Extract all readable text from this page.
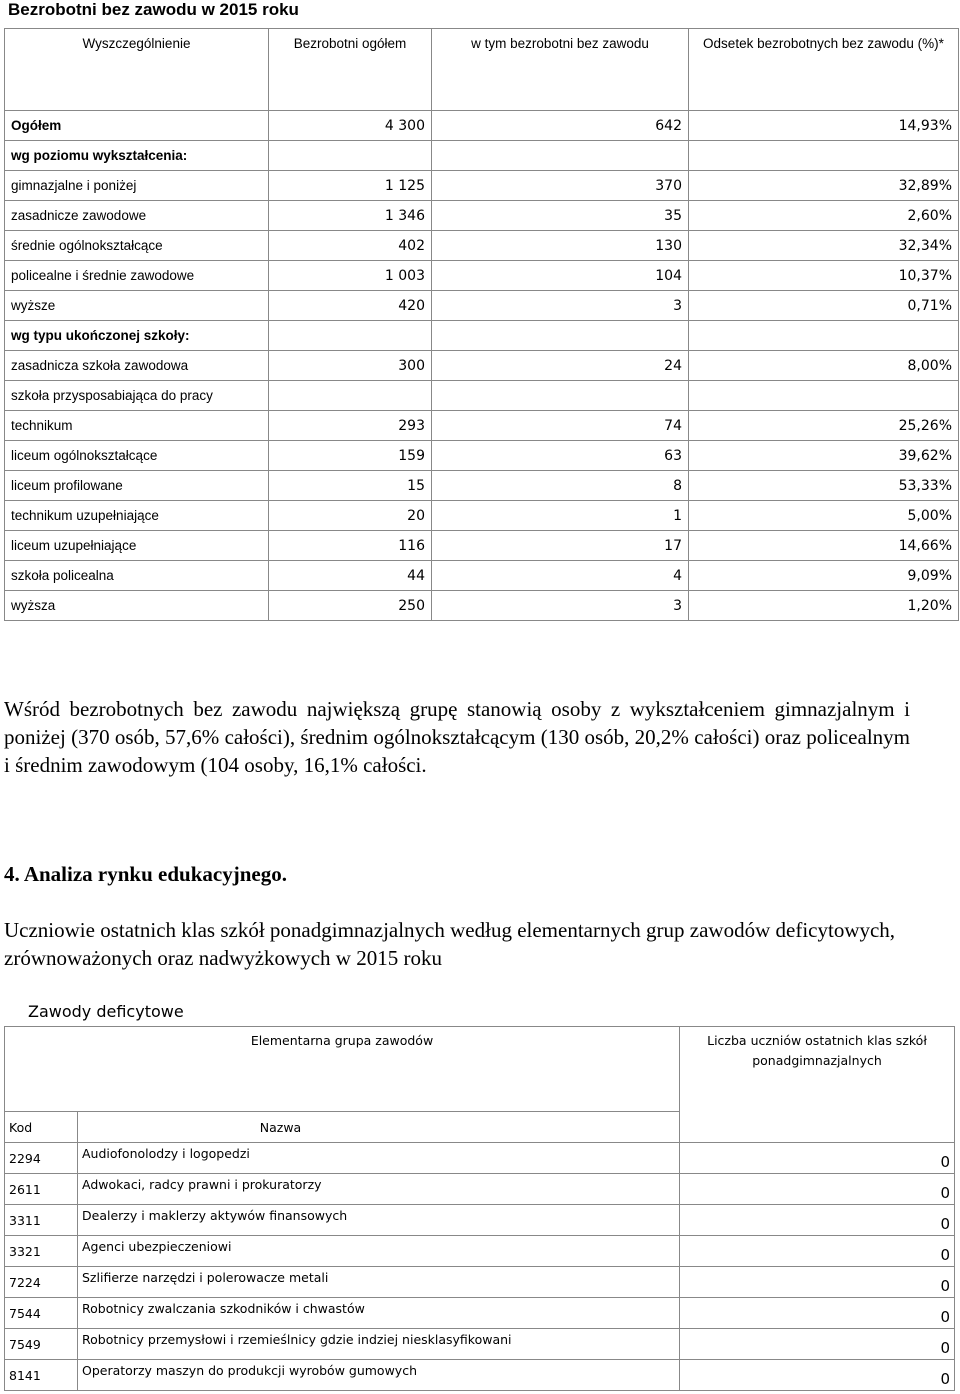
Bezrobotni bez zawodu w 2015 roku
Wyszczególnienie	Bezrobotni ogółem	w tym bezrobotni bez zawodu	Odsetek bezrobotnych bez zawodu (%)*
Ogółem	4 300	642	14,93%
wg poziomu wykształcenia:			
gimnazjalne i poniżej	1 125	370	32,89%
zasadnicze zawodowe	1 346	35	2,60%
średnie ogólnokształcące	402	130	32,34%
policealne i średnie zawodowe	1 003	104	10,37%
wyższe	420	3	0,71%
wg typu ukończonej szkoły:			
zasadnicza szkoła zawodowa	300	24	8,00%
szkoła przysposabiająca do pracy			
technikum	293	74	25,26%
liceum ogólnokształcące	159	63	39,62%
liceum profilowane	15	8	53,33%
technikum uzupełniające	20	1	5,00%
liceum uzupełniające	116	17	14,66%
szkoła policealna	44	4	9,09%
wyższa	250	3	1,20%
Wśród bezrobotnych bez zawodu największą grupę stanowią osoby z wykształceniem gimnazjalnym i poniżej (370 osób, 57,6% całości), średnim ogólnokształcącym (130 osób, 20,2% całości) oraz policealnym i średnim zawodowym (104 osoby, 16,1% całości.
4. Analiza rynku edukacyjnego.
Uczniowie ostatnich klas szkół ponadgimnazjalnych według elementarnych grup zawodów deficytowych, zrównoważonych oraz nadwyżkowych w 2015 roku
Zawody deficytowe
Elementarna grupa zawodów		Liczba uczniów ostatnich klas szkół ponadgimnazjalnych
Kod	Nazwa	
2294	Audiofonolodzy i logopedzi	0
2611	Adwokaci, radcy prawni i prokuratorzy	0
3311	Dealerzy i maklerzy aktywów finansowych	0
3321	Agenci ubezpieczeniowi	0
7224	Szlifierze narzędzi i polerowacze metali	0
7544	Robotnicy zwalczania szkodników i chwastów	0
7549	Robotnicy przemysłowi i rzemieślnicy gdzie indziej niesklasyfikowani	0
8141	Operatorzy maszyn do produkcji wyrobów gumowych	0
